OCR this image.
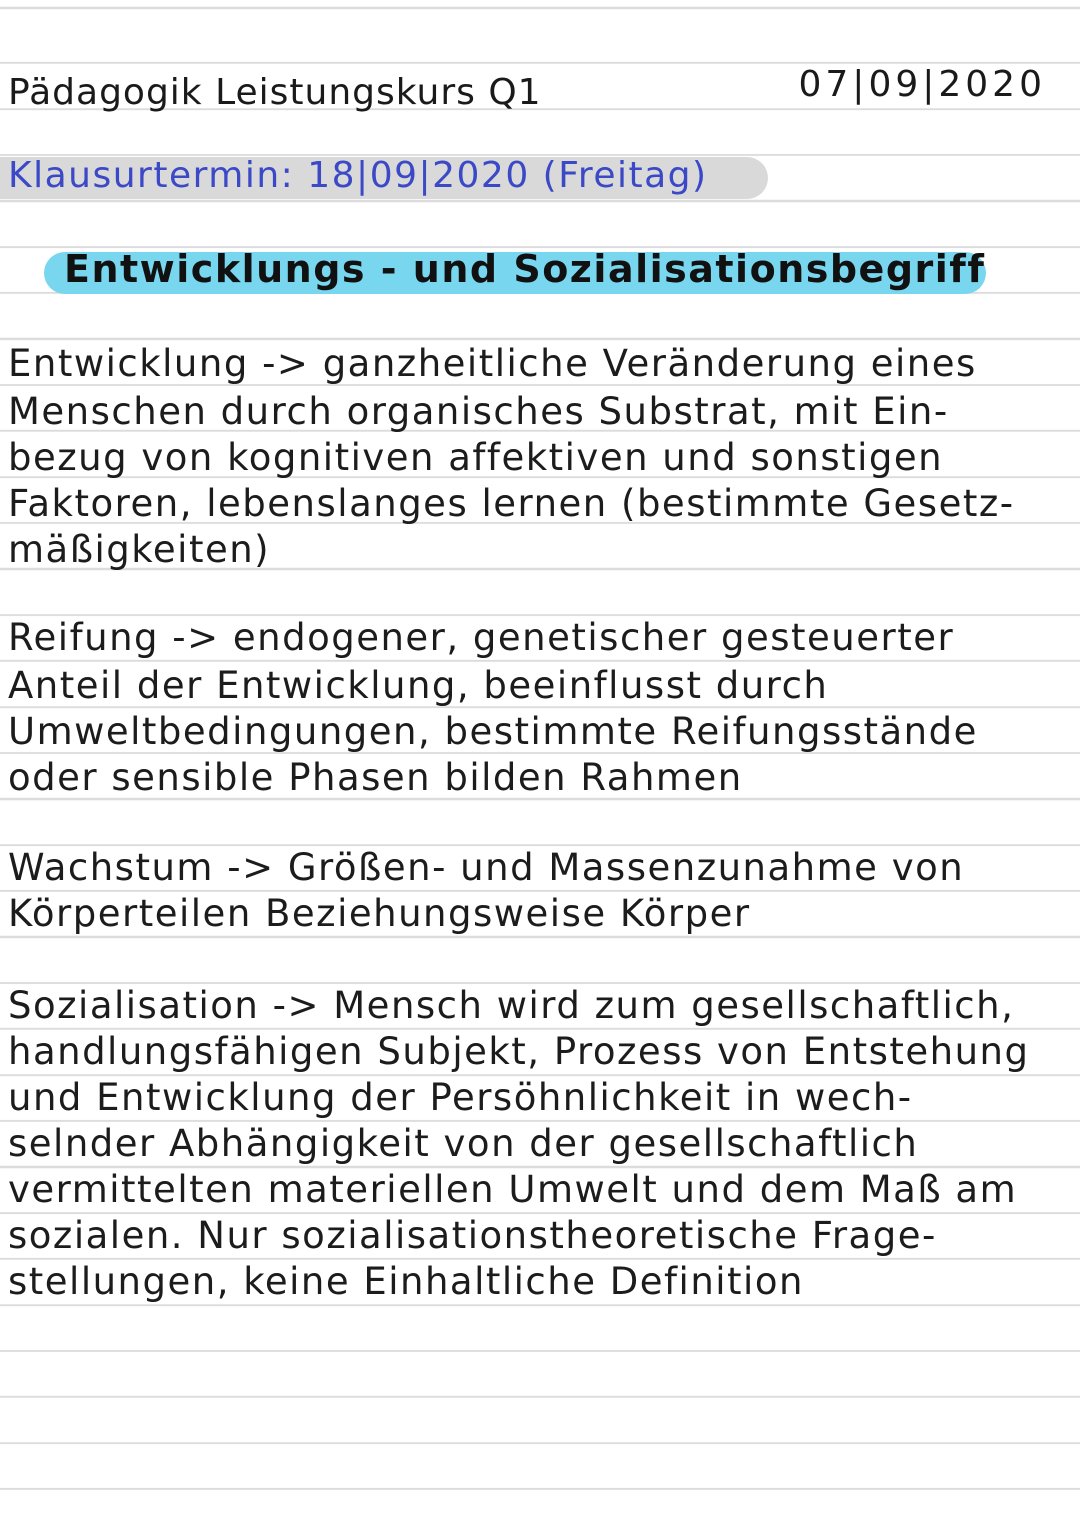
Pädagogik Leistungskurs Q1	07|09|2020
Klausurtermin: 18|09|2020 (Freitag)
Entwicklungs - und Sozialisationsbegriff
Entwicklung -> ganzheitliche Veränderung eines
Menschen durch organisches Substrat, mit Ein-
bezug von kognitiven affektiven und sonstigen
Faktoren, lebenslanges lernen (bestimmte Gesetz-
mäßigkeiten)
Reifung -> endogener, genetischer gesteuerter
Anteil der Entwicklung, beeinflusst durch
Umweltbedingungen, bestimmte Reifungsstände
oder sensible Phasen bilden Rahmen
Wachstum -> Größen- und Massenzunahme von
Körperteilen Beziehungsweise Körper
Sozialisation -> Mensch wird zum gesellschaftlich,
handlungsfähigen Subjekt, Prozess von Entstehung
und Entwicklung der Persöhnlichkeit in wech-
selnder Abhängigkeit von der gesellschaftlich
vermittelten materiellen Umwelt und dem Maß am
sozialen. Nur sozialisationstheoretische Frage-
stellungen, keine Einhaltliche Definition
